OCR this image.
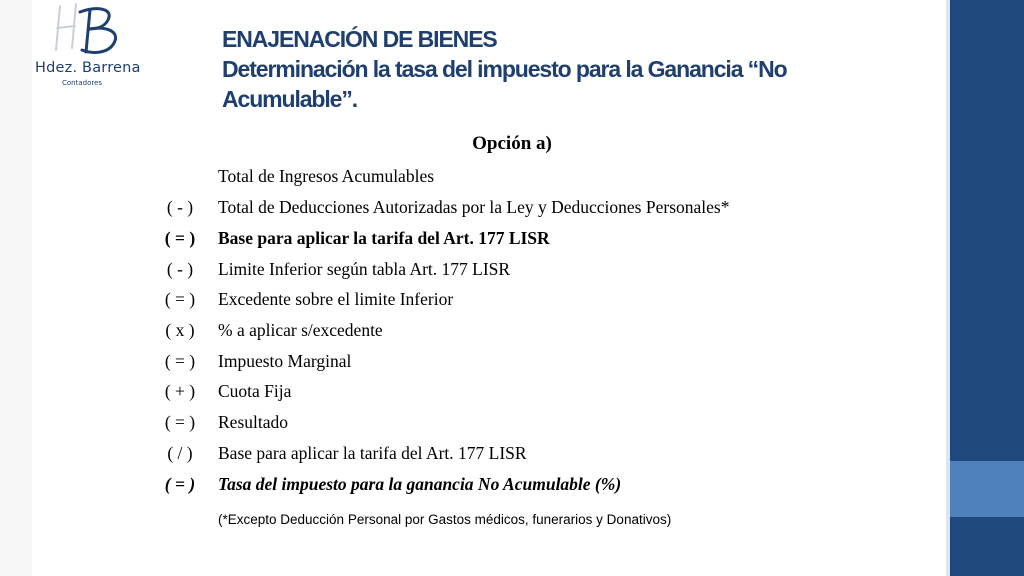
Hdez. Barrena
Contadores
ENAJENACIÓN DE BIENES
Determinación la tasa del impuesto para la Ganancia “No
Acumulable”.
Opción a)
Total de Ingresos Acumulables
( - )	Total de Deducciones Autorizadas por la Ley y Deducciones Personales*
( = )	Base para aplicar la tarifa del Art. 177 LISR
( - )	Limite Inferior según tabla Art. 177 LISR
( = )	Excedente sobre el limite Inferior
( x )	% a aplicar s/excedente
( = )	Impuesto Marginal
( + )	Cuota Fija
( = )	Resultado
( / )	Base para aplicar la tarifa del Art. 177 LISR
( = )	Tasa del impuesto para la ganancia No Acumulable (%)
(*Excepto Deducción Personal por Gastos médicos, funerarios y Donativos)
